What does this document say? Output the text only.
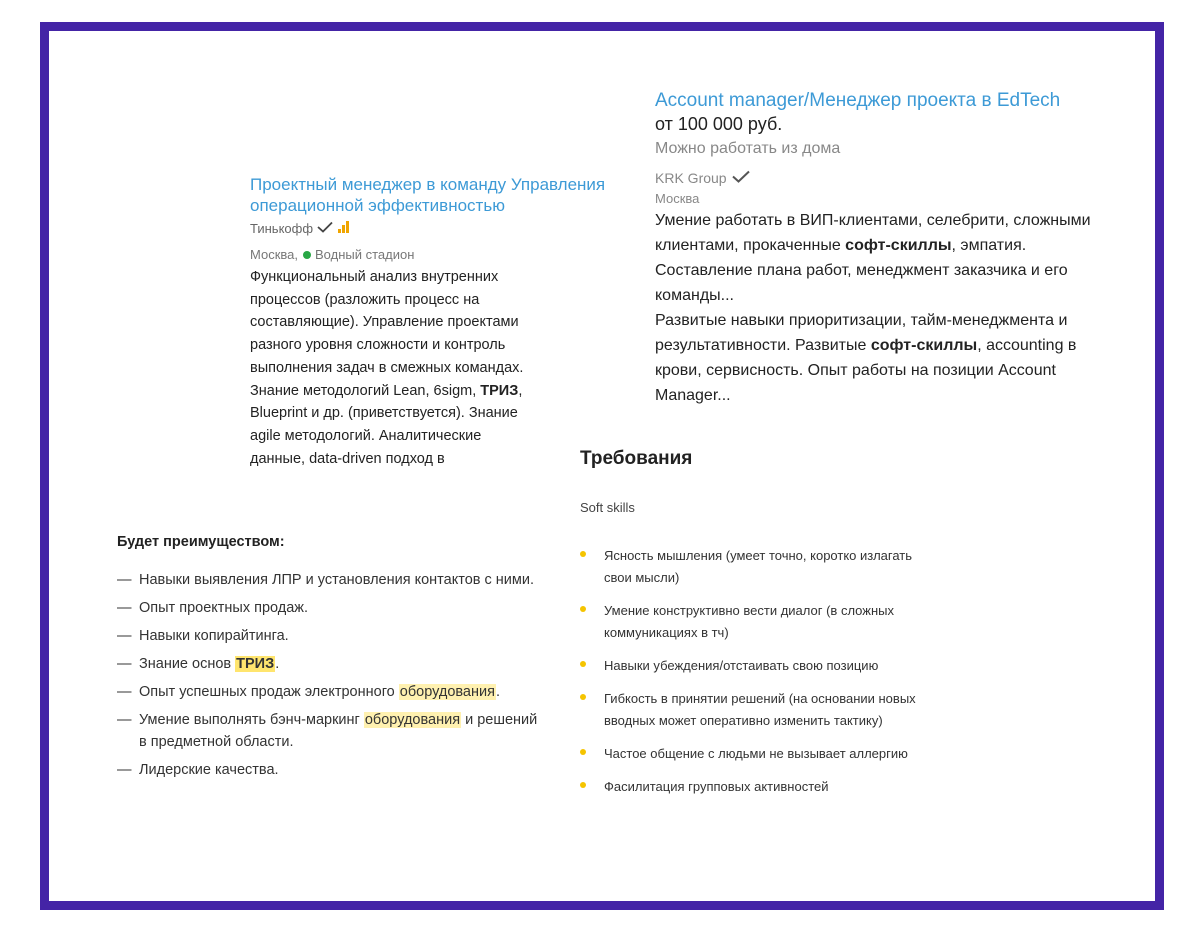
Проектный менеджер в команду Управления операционной эффективностью
Тинькофф
Москва, Водный стадион
Функциональный анализ внутренних процессов (разложить процесс на составляющие). Управление проектами разного уровня сложности и контроль выполнения задач в смежных командах. Знание методологий Lean, 6sigm, ТРИЗ, Blueprint и др. (приветствуется). Знание agile методологий. Аналитические данные, data-driven подход в
Account manager/Менеджер проекта в EdTech
от 100 000 руб.
Можно работать из дома
KRK Group
Москва
Умение работать в ВИП-клиентами, селебрити, сложными клиентами, прокаченные софт-скиллы, эмпатия. Составление плана работ, менеджмент заказчика и его команды...
Развитые навыки приоритизации, тайм-менеджмента и результативности. Развитые софт-скиллы, accounting в крови, сервисность. Опыт работы на позиции Account Manager...
Будет преимуществом:
— Навыки выявления ЛПР и установления контактов с ними.
— Опыт проектных продаж.
— Навыки копирайтинга.
— Знание основ ТРИЗ.
— Опыт успешных продаж электронного оборудования.
— Умение выполнять бэнч-маркинг оборудования и решений в предметной области.
— Лидерские качества.
Требования
Soft skills
Ясность мышления (умеет точно, коротко излагать свои мысли)
Умение конструктивно вести диалог (в сложных коммуникациях в тч)
Навыки убеждения/отстаивать свою позицию
Гибкость в принятии решений (на основании новых вводных может оперативно изменить тактику)
Частое общение с людьми не вызывает аллергию
Фасилитация групповых активностей
